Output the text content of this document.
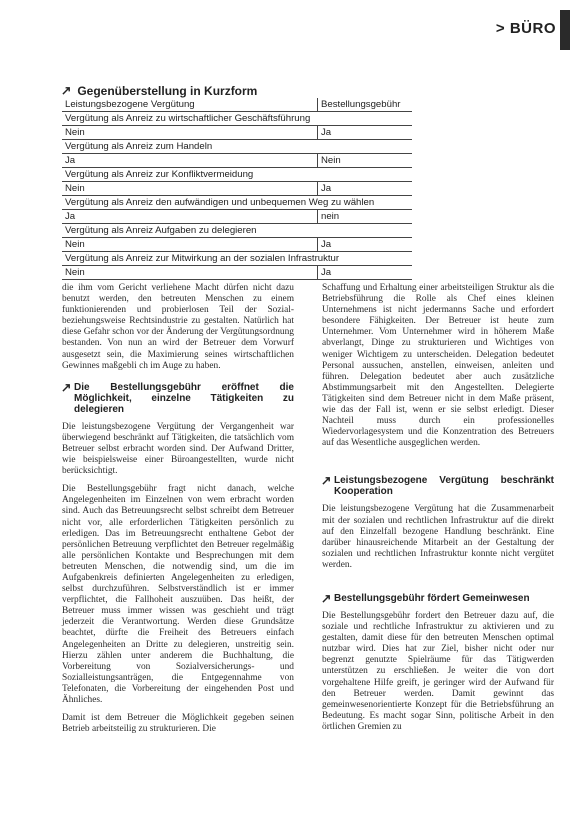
> BÜRO
Gegenüberstellung in Kurzform
Leistungsbezogene Vergütung	Bestellungsgebühr
Vergütung als Anreiz zu wirtschaftlicher Geschäftsführung	
Nein	Ja
Vergütung als Anreiz zum Handeln	
Ja	Nein
Vergütung als Anreiz zur Konfliktvermeidung	
Nein	Ja
Vergütung als Anreiz den aufwändigen und unbequemen Weg zu wählen	
Ja	nein
Vergütung als Anreiz Aufgaben zu delegieren	
Nein	Ja
Vergütung als Anreiz zur Mitwirkung an der sozialen Infrastruktur	
Nein	Ja

die ihm vom Gericht verliehene Macht dürfen nicht dazu benutzt werden, den betreuten Menschen zu einem funktionierenden und probierlosen Teil der Sozial- beziehungsweise Rechtsindustrie zu gestalten. Natürlich hat diese Gefahr schon vor der Änderung der Vergütungsordnung bestanden. Von nun an wird der Betreuer dem Vorwurf ausgesetzt sein, die Maximierung seines wirtschaftlichen Gewinnes maßgebli ch im Auge zu haben.

Die Bestellungsgebühr eröffnet die Möglichkeit, einzelne Tätigkeiten zu delegieren

Die leistungsbezogene Vergütung der Vergangenheit war überwiegend beschränkt auf Tätigkeiten, die tatsächlich vom Betreuer selbst erbracht worden sind. Der Aufwand Dritter, wie beispielsweise einer Büroangestellten, wurde nicht berücksichtigt.

Die Bestellungsgebühr fragt nicht danach, welche Angelegenheiten im Einzelnen von wem erbracht worden sind. Auch das Betreuungsrecht selbst schreibt dem Betreuer nicht vor, alle erforderlichen Tätigkeiten persönlich zu erledigen. Das im Betreuungsrecht enthaltene Gebot der persönlichen Betreuung verpflichtet den Betreuer regelmäßig alle persönlichen Kontakte und Besprechungen mit dem betreuten Menschen, die notwendig sind, um die im Aufgabenkreis definierten Angelegenheiten zu erledigen, selbst durchzuführen. Selbstverständlich ist er immer verpflichtet, die Fallhoheit auszuüben. Das heißt, der Betreuer muss immer wissen was geschieht und trägt jederzeit die Verantwortung. Werden diese Grundsätze beachtet, dürfte die Freiheit des Betreuers einfach Angelegenheiten an Dritte zu delegieren, unstreitig sein. Hierzu zählen unter anderem die Buchhaltung, die Vorbereitung von Sozialversicherungs- und Sozialleistungsanträgen, die Entgegennahme von Telefonaten, die Vorbereitung der eingehenden Post und Ähnliches.

Damit ist dem Betreuer die Möglichkeit gegeben seinen Betrieb arbeitsteilig zu strukturieren. Die

Schaffung und Erhaltung einer arbeitsteiligen Struktur als die Betriebsführung die Rolle als Chef eines kleinen Unternehmens ist nicht jedermanns Sache und erfordert besondere Fähigkeiten. Der Betreuer ist heute zum Unternehmer. Vom Unternehmer wird in höherem Maße abverlangt, Dinge zu strukturieren und Wichtiges von weniger Wichtigem zu unterscheiden. Delegation bedeutet Personal aussuchen, anstellen, einweisen, anleiten und führen. Delegation bedeutet aber auch zusätzliche Abstimmungsarbeit mit den Angestellten. Delegierte Tätigkeiten sind dem Betreuer nicht in dem Maße präsent, wie das der Fall ist, wenn er sie selbst erledigt. Dieser Nachteil muss durch ein professionelles Wiedervorlagesystem und die Konzentration des Betreuers auf das Wesentliche ausgeglichen werden.

Leistungsbezogene Vergütung beschränkt Kooperation

Die leistungsbezogene Vergütung hat die Zusammenarbeit mit der sozialen und rechtlichen Infrastruktur auf die direkt auf den Einzelfall bezogene Handlung beschränkt. Eine darüber hinausreichende Mitarbeit an der Gestaltung der sozialen und rechtlichen Infrastruktur konnte nicht vergütet werden.

Bestellungsgebühr fördert Gemeinwesen

Die Bestellungsgebühr fordert den Betreuer dazu auf, die soziale und rechtliche Infrastruktur zu aktivieren und zu gestalten, damit diese für den betreuten Menschen optimal nutzbar wird. Dies hat zur Ziel, bisher nicht oder nur begrenzt genutzte Spielräume für das Tätigwerden unterstützen zu erschließen. Je weiter die von dort vorgehaltene Hilfe greift, je geringer wird der Aufwand für den Betreuer werden. Damit gewinnt das gemeinwesenorientierte Konzept für die Betriebsführung an Bedeutung. Es macht sogar Sinn, politische Arbeit in den örtlichen Gremien zu
